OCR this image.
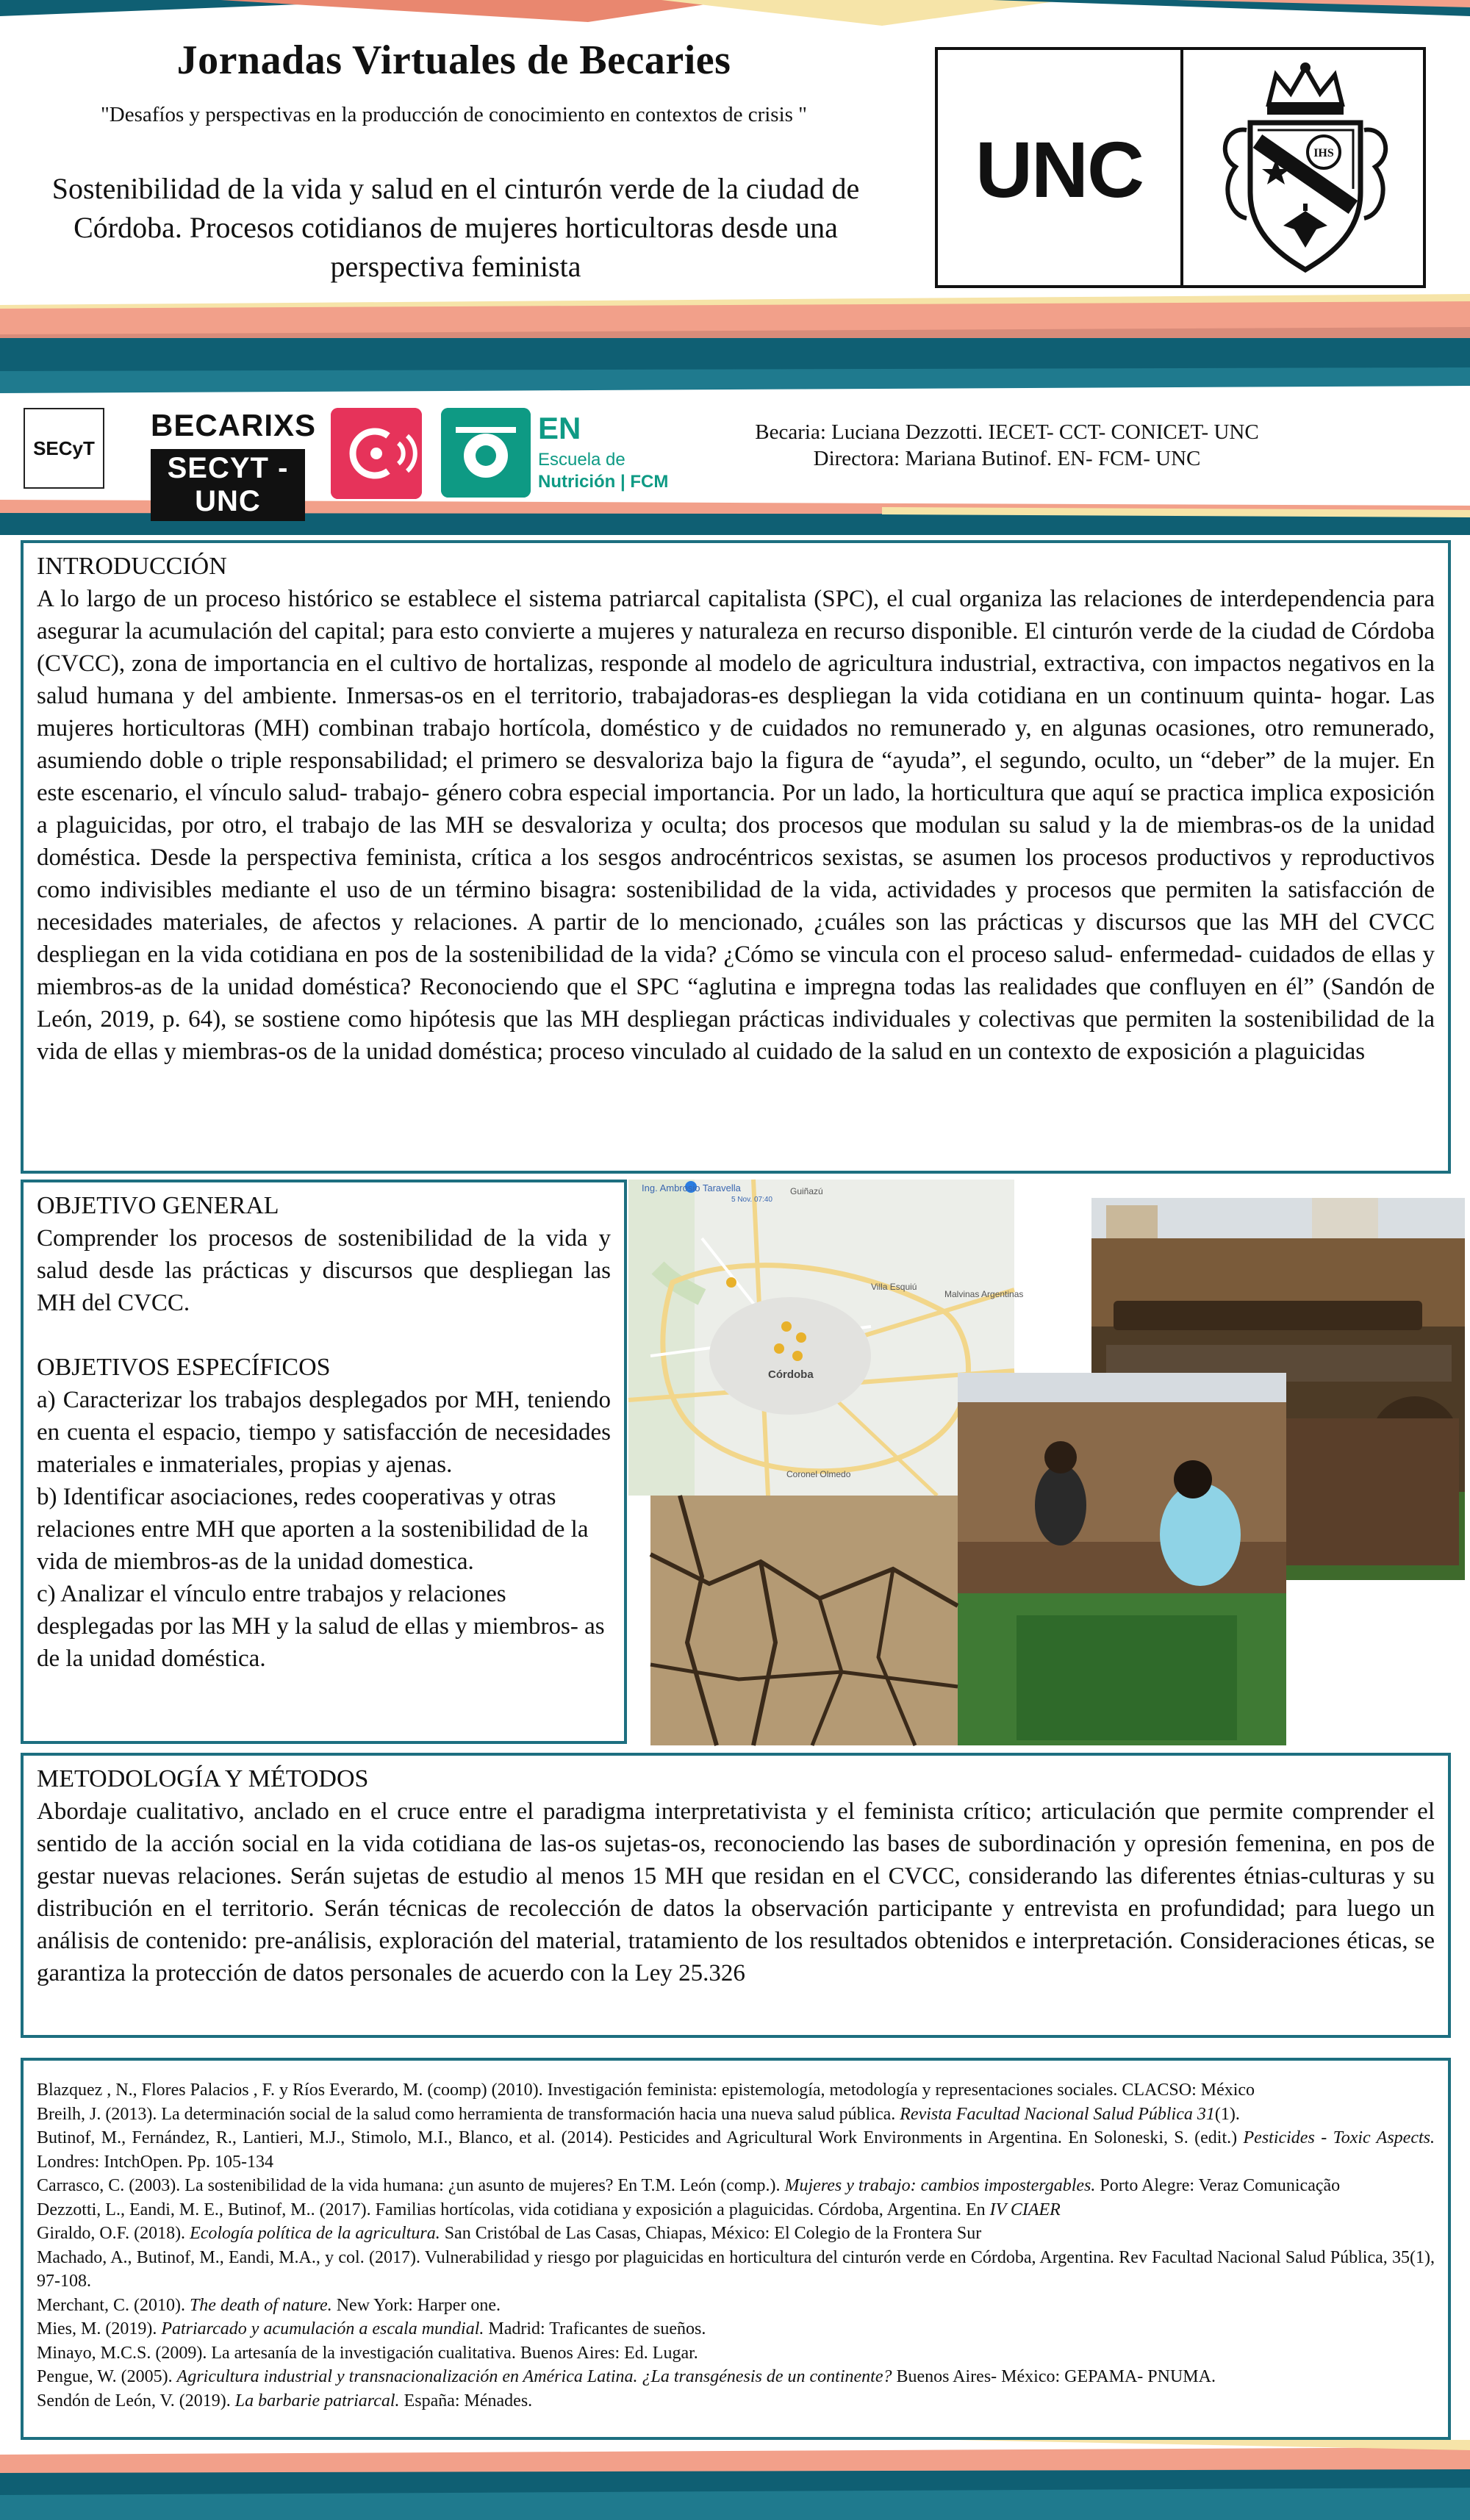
Jornadas Virtuales de Becaries
"Desafíos y perspectivas en la producción de conocimiento en contextos de crisis "
Sostenibilidad de la vida y salud en el cinturón verde de la ciudad de Córdoba. Procesos cotidianos de mujeres horticultoras desde una perspectiva feminista
UNC	IHS
SECyT
BECARIXS
SECYT -UNC
EN
Escuela de
Nutrición | FCM
Becaria: Luciana Dezzotti. IECET- CCT- CONICET- UNC
Directora: Mariana Butinof. EN- FCM- UNC
INTRODUCCIÓN
A lo largo de un proceso histórico se establece el sistema patriarcal capitalista (SPC), el cual organiza las relaciones de interdependencia para asegurar la acumulación del capital; para esto convierte a mujeres y naturaleza en recurso disponible. El cinturón verde de la ciudad de Córdoba (CVCC), zona de importancia en el cultivo de hortalizas, responde al modelo de agricultura industrial, extractiva, con impactos negativos en la salud humana y del ambiente. Inmersas-os en el territorio, trabajadoras-es despliegan la vida cotidiana en un continuum quinta- hogar. Las mujeres horticultoras (MH) combinan trabajo hortícola, doméstico y de cuidados no remunerado y, en algunas ocasiones, otro remunerado, asumiendo doble o triple responsabilidad; el primero se desvaloriza bajo la figura de “ayuda”, el segundo, oculto, un “deber” de la mujer. En este escenario, el vínculo salud- trabajo- género cobra especial importancia. Por un lado, la horticultura que aquí se practica implica exposición a plaguicidas, por otro, el trabajo de las MH se desvaloriza y oculta; dos procesos que modulan su salud y la de miembras-os de la unidad doméstica. Desde la perspectiva feminista, crítica a los sesgos androcéntricos sexistas, se asumen los procesos productivos y reproductivos como indivisibles mediante el uso de un término bisagra: sostenibilidad de la vida, actividades y procesos que permiten la satisfacción de necesidades materiales, de afectos y relaciones. A partir de lo mencionado, ¿cuáles son las prácticas y discursos que las MH del CVCC despliegan en la vida cotidiana en pos de la sostenibilidad de la vida? ¿Cómo se vincula con el proceso salud- enfermedad- cuidados de ellas y miembros-as de la unidad doméstica? Reconociendo que el SPC “aglutina e impregna todas las realidades que confluyen en él” (Sandón de León, 2019, p. 64), se sostiene como hipótesis que las MH despliegan prácticas individuales y colectivas que permiten la sostenibilidad de la vida de ellas y miembras-os de la unidad doméstica; proceso vinculado al cuidado de la salud en un contexto de exposición a plaguicidas
OBJETIVO GENERAL
Comprender los procesos de sostenibilidad de la vida y salud desde las prácticas y discursos que despliegan las MH del CVCC.
OBJETIVOS ESPECÍFICOS
a) Caracterizar los trabajos desplegados por MH, teniendo en cuenta el espacio, tiempo y satisfacción de necesidades materiales e inmateriales, propias y ajenas.
b) Identificar asociaciones, redes cooperativas y otras relaciones entre MH que aporten a la sostenibilidad de la vida de miembros-as de la unidad domestica.
c) Analizar el vínculo entre trabajos y relaciones desplegadas por las MH y la salud de ellas y miembros- as de la unidad doméstica.
Ing. Ambrosio Taravella
5 Nov. 07:40
Guiñazú
Villa Esquiú
Malvinas Argentinas
Córdoba
Coronel Olmedo
METODOLOGÍA Y MÉTODOS
Abordaje cualitativo, anclado en el cruce entre el paradigma interpretativista y el feminista crítico; articulación que permite comprender el sentido de la acción social en la vida cotidiana de las-os sujetas-os, reconociendo las bases de subordinación y opresión femenina, en pos de gestar nuevas relaciones. Serán sujetas de estudio al menos 15 MH que residan en el CVCC, considerando las diferentes étnias-culturas y su distribución en el territorio. Serán técnicas de recolección de datos la observación participante y entrevista en profundidad; para luego un análisis de contenido: pre-análisis, exploración del material, tratamiento de los resultados obtenidos e interpretación. Consideraciones éticas, se garantiza la protección de datos personales de acuerdo con la Ley 25.326

Blazquez , N., Flores Palacios , F. y Ríos Everardo, M. (coomp) (2010). Investigación feminista: epistemología, metodología y representaciones sociales. CLACSO: México

Breilh, J. (2013). La determinación social de la salud como herramienta de transformación hacia una nueva salud pública. Revista Facultad Nacional Salud Pública 31(1).

Butinof, M., Fernández, R., Lantieri, M.J., Stimolo, M.I., Blanco, et al. (2014). Pesticides and Agricultural Work Environments in Argentina. En Soloneski, S. (edit.) Pesticides - Toxic Aspects. Londres: IntchOpen. Pp. 105-134

Carrasco, C. (2003). La sostenibilidad de la vida humana: ¿un asunto de mujeres? En T.M. León (comp.). Mujeres y trabajo: cambios impostergables. Porto Alegre: Veraz Comunicação

Dezzotti, L., Eandi, M. E., Butinof, M.. (2017). Familias hortícolas, vida cotidiana y exposición a plaguicidas. Córdoba, Argentina. En IV CIAER

Giraldo, O.F. (2018). Ecología política de la agricultura. San Cristóbal de Las Casas, Chiapas, México: El Colegio de la Frontera Sur

Machado, A., Butinof, M., Eandi, M.A., y col. (2017). Vulnerabilidad y riesgo por plaguicidas en horticultura del cinturón verde en Córdoba, Argentina. Rev Facultad Nacional Salud Pública, 35(1), 97-108.

Merchant, C. (2010). The death of nature. New York: Harper one.

Mies, M. (2019). Patriarcado y acumulación a escala mundial. Madrid: Traficantes de sueños.

Minayo, M.C.S. (2009). La artesanía de la investigación cualitativa. Buenos Aires: Ed. Lugar.

Pengue, W. (2005). Agricultura industrial y transnacionalización en América Latina. ¿La transgénesis de un continente? Buenos Aires- México: GEPAMA- PNUMA.

Sendón de León, V. (2019). La barbarie patriarcal. España: Ménades.
